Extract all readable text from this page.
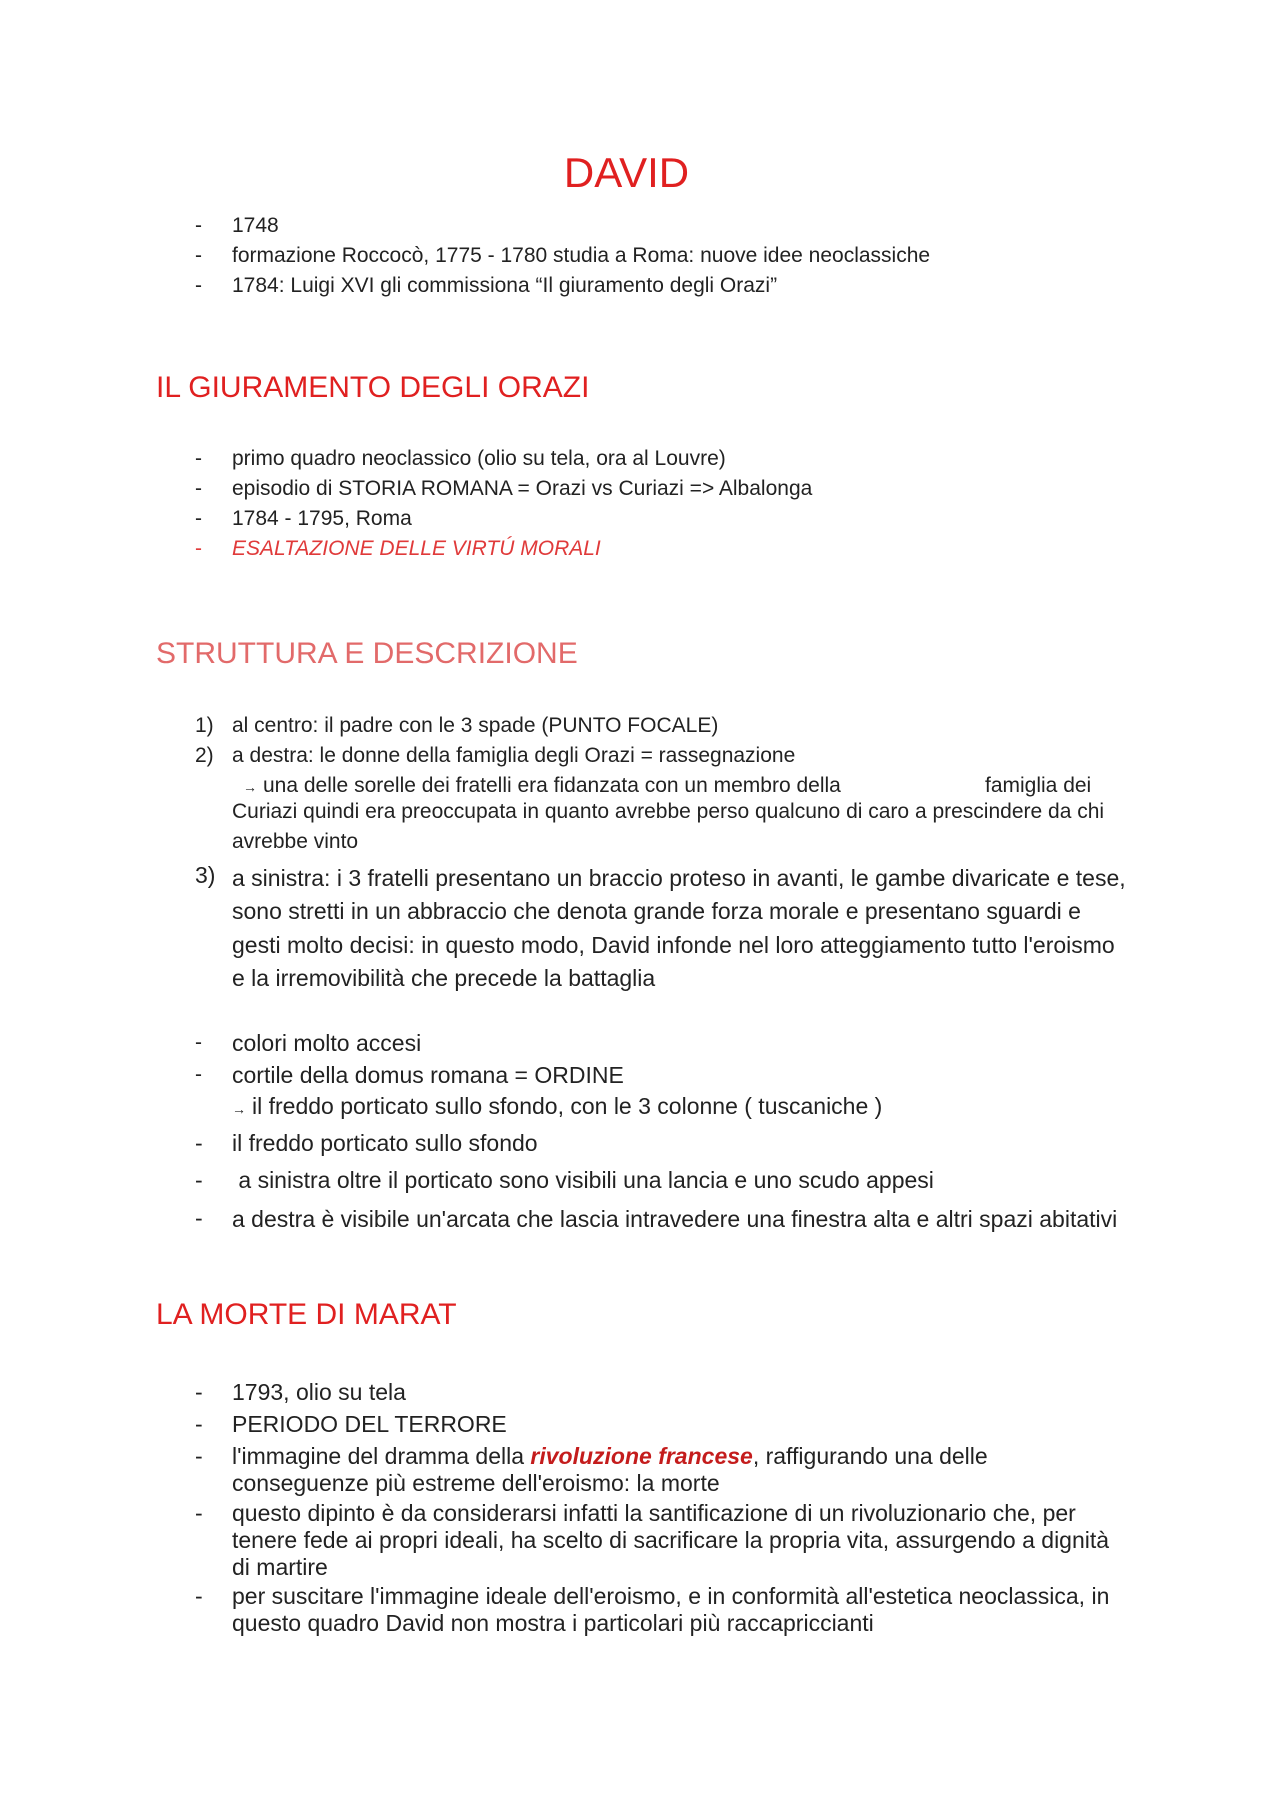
DAVID
- 1748
- formazione Roccocò, 1775 - 1780 studia a Roma: nuove idee neoclassiche
- 1784: Luigi XVI gli commissiona “Il giuramento degli Orazi”
IL GIURAMENTO DEGLI ORAZI
- primo quadro neoclassico (olio su tela, ora al Louvre)
- episodio di STORIA ROMANA = Orazi vs Curiazi => Albalonga
- 1784 - 1795, Roma
- ESALTAZIONE DELLE VIRTÚ MORALI
STRUTTURA E DESCRIZIONE
1) al centro: il padre con le 3 spade (PUNTO FOCALE)
2) a destra: le donne della famiglia degli Orazi = rassegnazione
→ una delle sorelle dei fratelli era fidanzata con un membro della	famiglia dei
Curiazi quindi era preoccupata in quanto avrebbe perso qualcuno di caro a prescindere da chi avrebbe vinto
3) a sinistra: i 3 fratelli presentano un braccio proteso in avanti, le gambe divaricate e tese, sono stretti in un abbraccio che denota grande forza morale e presentano sguardi e gesti molto decisi: in questo modo, David infonde nel loro atteggiamento tutto l'eroismo e la irremovibilità che precede la battaglia
- colori molto accesi
- cortile della domus romana = ORDINE
→ il freddo porticato sullo sfondo, con le 3 colonne ( tuscaniche )
- il freddo porticato sullo sfondo
- a sinistra oltre il porticato sono visibili una lancia e uno scudo appesi
- a destra è visibile un'arcata che lascia intravedere una finestra alta e altri spazi abitativi
LA MORTE DI MARAT
- 1793, olio su tela
- PERIODO DEL TERRORE
- l'immagine del dramma della rivoluzione francese, raffigurando una delle conseguenze più estreme dell'eroismo: la morte
- questo dipinto è da considerarsi infatti la santificazione di un rivoluzionario che, per tenere fede ai propri ideali, ha scelto di sacrificare la propria vita, assurgendo a dignità di martire
- per suscitare l'immagine ideale dell'eroismo, e in conformità all'estetica neoclassica, in questo quadro David non mostra i particolari più raccapriccianti
